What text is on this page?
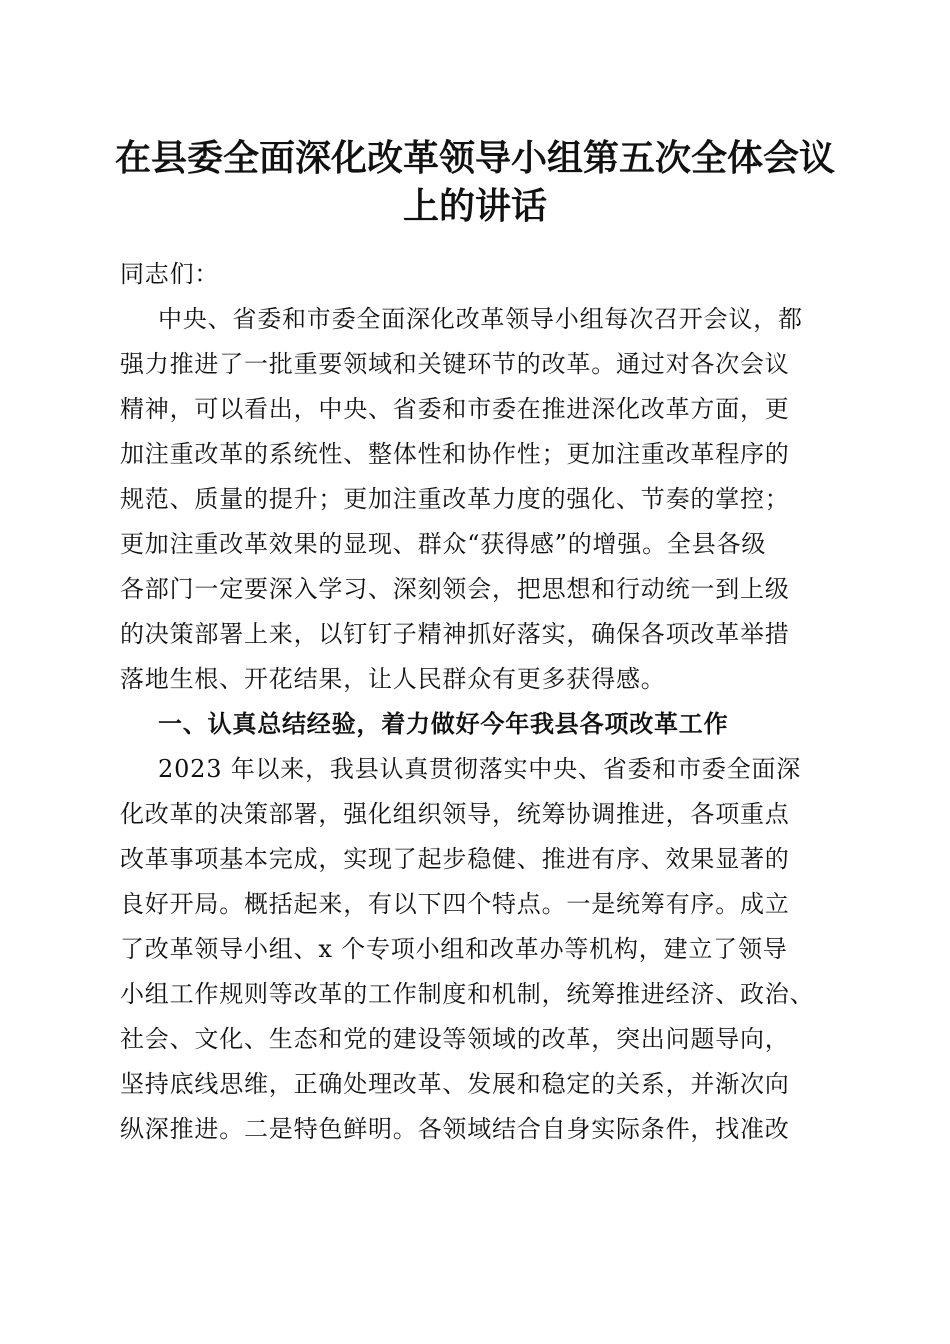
在县委全面深化改革领导小组第五次全体会议
上的讲话
同志们：
中央、省委和市委全面深化改革领导小组每次召开会议，都
强力推进了一批重要领域和关键环节的改革。通过对各次会议
精神，可以看出，中央、省委和市委在推进深化改革方面，更
加注重改革的系统性、整体性和协作性；更加注重改革程序的
规范、质量的提升；更加注重改革力度的强化、节奏的掌控；
更加注重改革效果的显现、群众“获得感”的增强。全县各级
各部门一定要深入学习、深刻领会，把思想和行动统一到上级
的决策部署上来，以钉钉子精神抓好落实，确保各项改革举措
落地生根、开花结果，让人民群众有更多获得感。
一、认真总结经验，着力做好今年我县各项改革工作
2023 年以来，我县认真贯彻落实中央、省委和市委全面深
化改革的决策部署，强化组织领导，统筹协调推进，各项重点
改革事项基本完成，实现了起步稳健、推进有序、效果显著的
良好开局。概括起来，有以下四个特点。一是统筹有序。成立
了改革领导小组、x 个专项小组和改革办等机构，建立了领导
小组工作规则等改革的工作制度和机制，统筹推进经济、政治、
社会、文化、生态和党的建设等领域的改革，突出问题导向，
坚持底线思维，正确处理改革、发展和稳定的关系，并渐次向
纵深推进。二是特色鲜明。各领域结合自身实际条件，找准改
